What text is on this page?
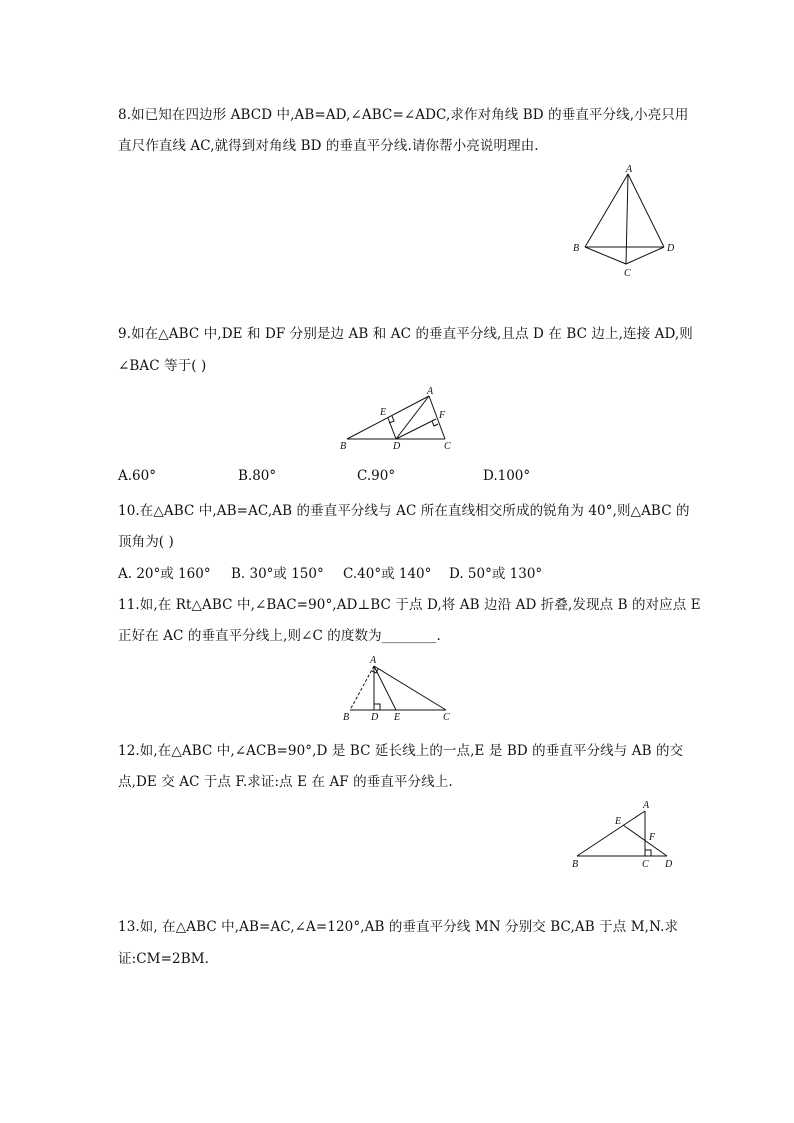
8.如已知在四边形 ABCD 中,AB=AD,∠ABC=∠ADC,求作对角线 BD 的垂直平分线,小亮只用
直尺作直线 AC,就得到对角线 BD 的垂直平分线.请你帮小亮说明理由.
A
B	D
C
9.如在△ABC 中,DE 和 DF 分别是边 AB 和 AC 的垂直平分线,且点 D 在 BC 边上,连接 AD,则
∠BAC 等于( )
A
E	F
B	D	C
A.60°	B.80°	C.90°	D.100°
10.在△ABC 中,AB=AC,AB 的垂直平分线与 AC 所在直线相交所成的锐角为 40°,则△ABC 的
顶角为( )
A. 20°或 160° B. 30°或 150° C.40°或 140° D. 50°或 130°
11.如,在 Rt△ABC 中,∠BAC=90°,AD⊥BC 于点 D,将 AB 边沿 AD 折叠,发现点 B 的对应点 E
正好在 AC 的垂直平分线上,则∠C 的度数为________.
A
B D E	C
12.如,在△ABC 中,∠ACB=90°,D 是 BC 延长线上的一点,E 是 BD 的垂直平分线与 AB 的交
点,DE 交 AC 于点 F.求证:点 E 在 AF 的垂直平分线上.
A
E
F
B	C D
13.如, 在△ABC 中,AB=AC,∠A=120°,AB 的垂直平分线 MN 分别交 BC,AB 于点 M,N.求
证:CM=2BM.
